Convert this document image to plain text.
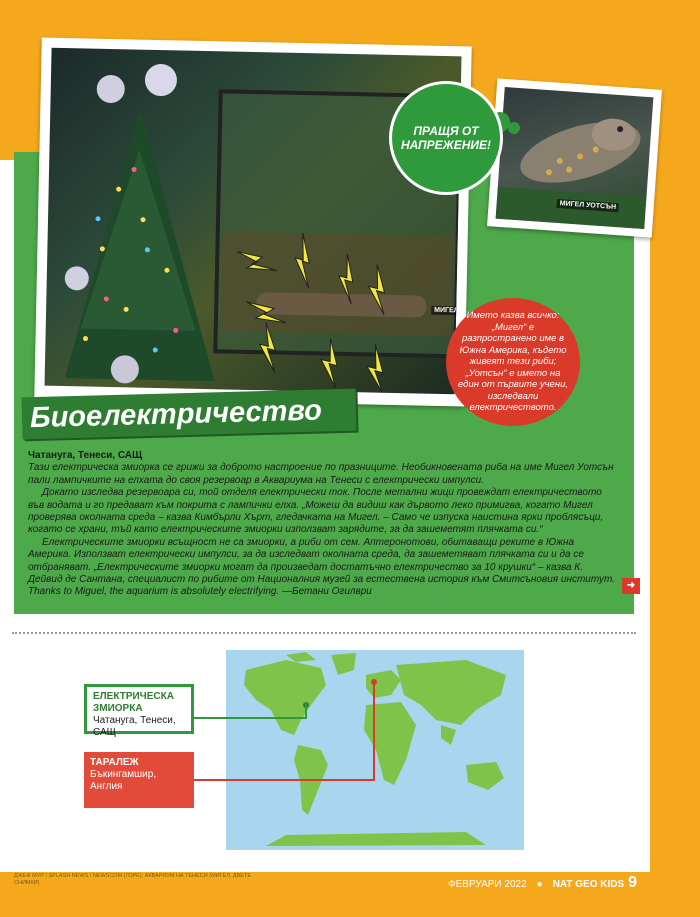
МИГЕЛ
МИГЕЛ УОТСЪН
ПРАЩЯ ОТ НАПРЕЖЕНИЕ!
Името казва всичко: „Мигел“ е разпространено име в Южна Америка, където живеят тези риби; „Уотсън“ е името на един от първите учени, изследвали електричеството.
Биоелектричество
Чатануга, Тенеси, САЩ

Тази електрическа змиорка се грижи за доброто настроение по празниците. Необикновената риба на име Мигел Уотсън пали лампичките на елхата до своя резервоар в Аквариума на Тенеси с електрически импулси.

Докато изследва резервоара си, той отделя електрически ток. После метални жици провеждат електричеството във водата и го предават към покрита с лампички елха. „Можеш да видиш как дървото леко примигва, когато Мигел проверява околната среда – казва Кимбърли Хърт, гледачката на Мигел. – Само че изпуска наистина ярки проблясъци, когато се храни, тъй като електрическите змиорки използват зарядите, за да зашеметят плячката си.“

Електрическите змиорки всъщност не са змиорки, а риби от сем. Аптеронотови, обитаващи реките в Южна Америка. Използват електрически импулси, за да изследват околната среда, да зашеметяват плячката си и да се отбраняват. „Електрическите змиорки могат да произведат достатъчно електричество за 10 крушки“ – казва К. Дейвид де Сантана, специалист по рибите от Националния музей за естествена история към Смитсъновия институт. Thanks to Miguel, the aquarium is absolutely electrifying. —Бетани Огилври

➜
ЕЛЕКТРИЧЕСКА ЗМИОРКА
Чатануга, Тенеси, САЩ
ТАРАЛЕЖ
Бъкингамшир, Англия
ДЖЕФ МУР / SPLASH NEWS / NEWSCOM (ГОРЕ); АКВАРИУМ НА ТЕНЕСИ (МИГЕЛ, ДВЕТЕ СНИМКИ)	ФЕВРУАРИ 2022 ● NAT GEO KIDS 9
